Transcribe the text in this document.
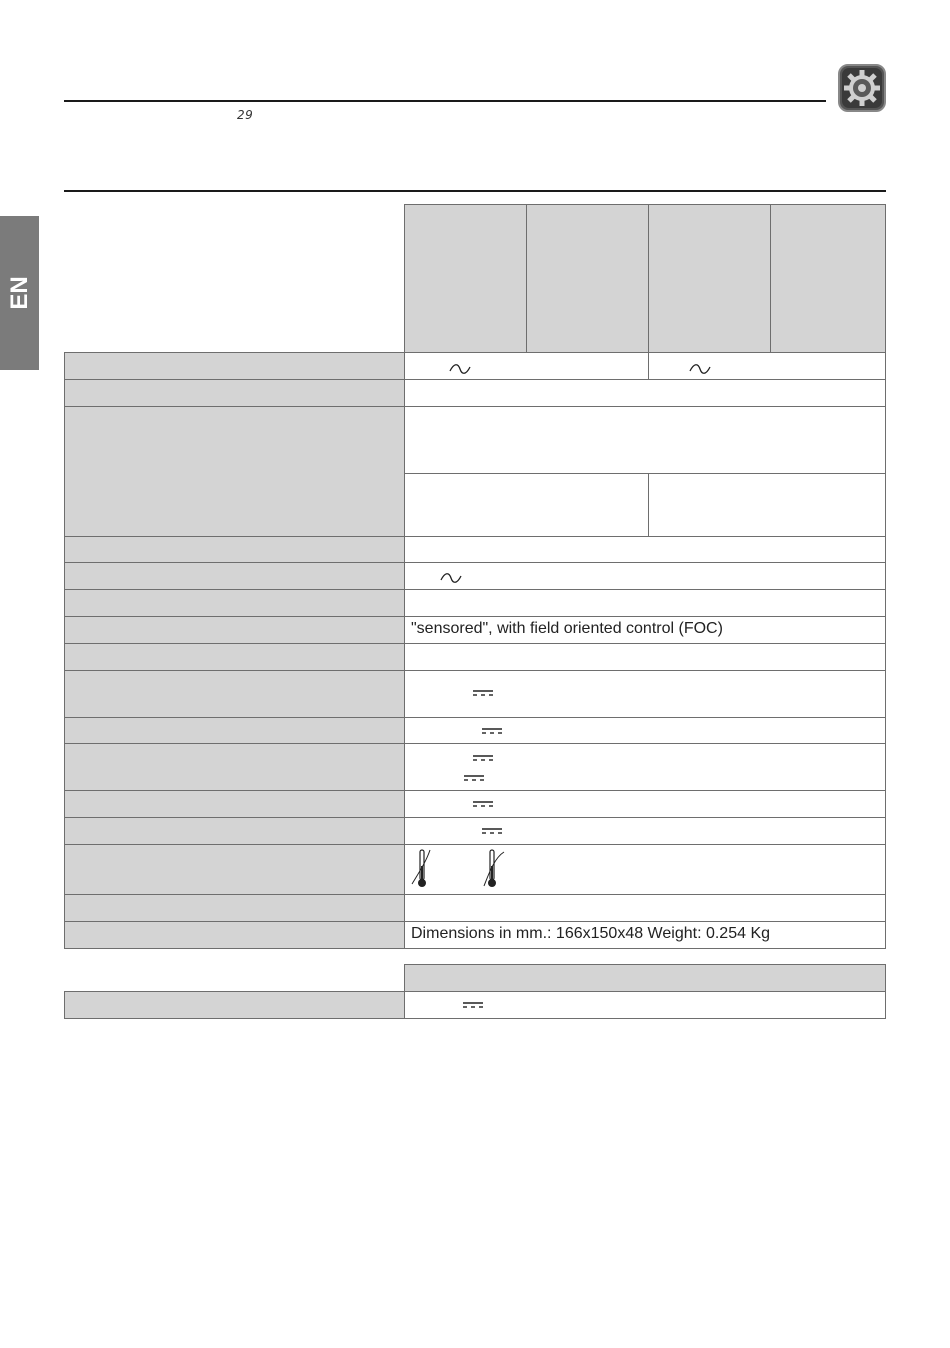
29
EN
"sensored", with field oriented control (FOC)
Dimensions in mm.: 166x150x48 Weight: 0.254 Kg
